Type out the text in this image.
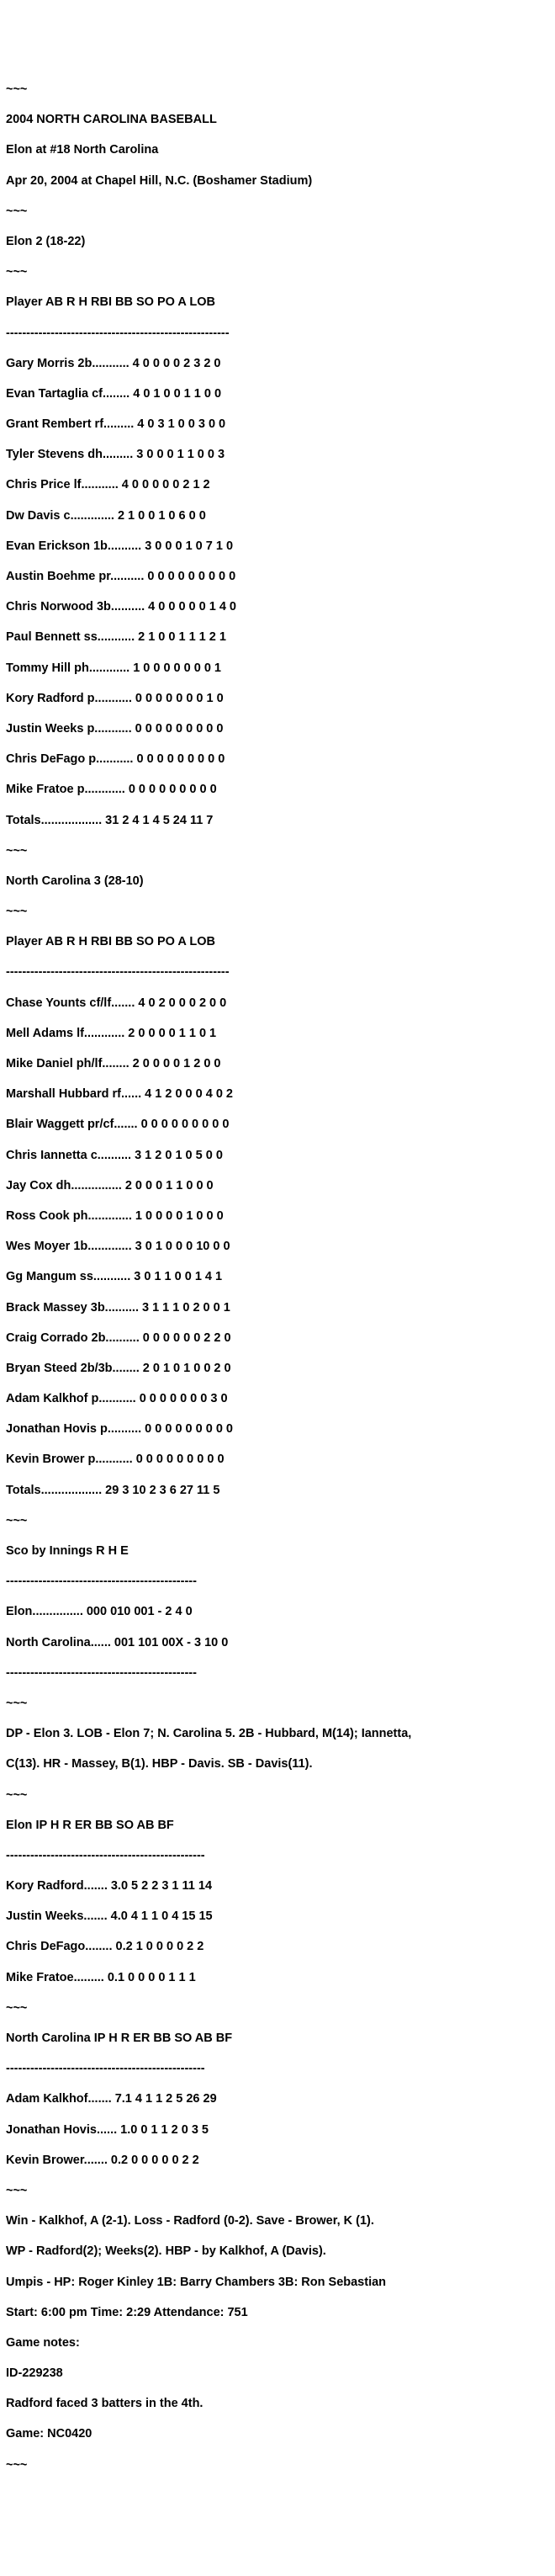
~~~
2004 NORTH CAROLINA BASEBALL
Elon at #18 North Carolina
Apr 20, 2004 at Chapel Hill, N.C. (Boshamer Stadium)
~~~
Elon 2 (18-22)
~~~
Player AB R H RBI BB SO PO A LOB
-------------------------------------------------------
Gary Morris 2b........... 4 0 0 0 0 2 3 2 0
Evan Tartaglia cf........ 4 0 1 0 0 1 1 0 0
Grant Rembert rf......... 4 0 3 1 0 0 3 0 0
Tyler Stevens dh......... 3 0 0 0 1 1 0 0 3
Chris Price lf........... 4 0 0 0 0 0 2 1 2
Dw Davis c............. 2 1 0 0 1 0 6 0 0
Evan Erickson 1b.......... 3 0 0 0 1 0 7 1 0
Austin Boehme pr.......... 0 0 0 0 0 0 0 0 0
Chris Norwood 3b.......... 4 0 0 0 0 0 1 4 0
Paul Bennett ss........... 2 1 0 0 1 1 1 2 1
Tommy Hill ph............ 1 0 0 0 0 0 0 0 1
Kory Radford p........... 0 0 0 0 0 0 0 1 0
Justin Weeks p........... 0 0 0 0 0 0 0 0 0
Chris DeFago p........... 0 0 0 0 0 0 0 0 0
Mike Fratoe p............ 0 0 0 0 0 0 0 0 0
Totals.................. 31 2 4 1 4 5 24 11 7
~~~
North Carolina 3 (28-10)
~~~
Player AB R H RBI BB SO PO A LOB
-------------------------------------------------------
Chase Younts cf/lf....... 4 0 2 0 0 0 2 0 0
Mell Adams lf............ 2 0 0 0 0 1 1 0 1
Mike Daniel ph/lf........ 2 0 0 0 0 1 2 0 0
Marshall Hubbard rf...... 4 1 2 0 0 0 4 0 2
Blair Waggett pr/cf....... 0 0 0 0 0 0 0 0 0
Chris Iannetta c.......... 3 1 2 0 1 0 5 0 0
Jay Cox dh............... 2 0 0 0 1 1 0 0 0
Ross Cook ph............. 1 0 0 0 0 1 0 0 0
Wes Moyer 1b............. 3 0 1 0 0 0 10 0 0
Gg Mangum ss........... 3 0 1 1 0 0 1 4 1
Brack Massey 3b.......... 3 1 1 1 0 2 0 0 1
Craig Corrado 2b.......... 0 0 0 0 0 0 2 2 0
Bryan Steed 2b/3b........ 2 0 1 0 1 0 0 2 0
Adam Kalkhof p........... 0 0 0 0 0 0 0 3 0
Jonathan Hovis p.......... 0 0 0 0 0 0 0 0 0
Kevin Brower p........... 0 0 0 0 0 0 0 0 0
Totals.................. 29 3 10 2 3 6 27 11 5
~~~
Sco by Innings R H E
-----------------------------------------------
Elon............... 000 010 001 - 2 4 0
North Carolina...... 001 101 00X - 3 10 0
-----------------------------------------------
~~~
DP - Elon 3. LOB - Elon 7; N. Carolina 5. 2B - Hubbard, M(14); Iannetta,
C(13). HR - Massey, B(1). HBP - Davis. SB - Davis(11).
~~~
Elon IP H R ER BB SO AB BF
-------------------------------------------------
Kory Radford....... 3.0 5 2 2 3 1 11 14
Justin Weeks....... 4.0 4 1 1 0 4 15 15
Chris DeFago........ 0.2 1 0 0 0 0 2 2
Mike Fratoe......... 0.1 0 0 0 0 1 1 1
~~~
North Carolina IP H R ER BB SO AB BF
-------------------------------------------------
Adam Kalkhof....... 7.1 4 1 1 2 5 26 29
Jonathan Hovis...... 1.0 0 1 1 2 0 3 5
Kevin Brower....... 0.2 0 0 0 0 0 2 2
~~~
Win - Kalkhof, A (2-1). Loss - Radford (0-2). Save - Brower, K (1).
WP - Radford(2); Weeks(2). HBP - by Kalkhof, A (Davis).
Umpis - HP: Roger Kinley 1B: Barry Chambers 3B: Ron Sebastian
Start: 6:00 pm Time: 2:29 Attendance: 751
Game notes:
ID-229238
Radford faced 3 batters in the 4th.
Game: NC0420
~~~
